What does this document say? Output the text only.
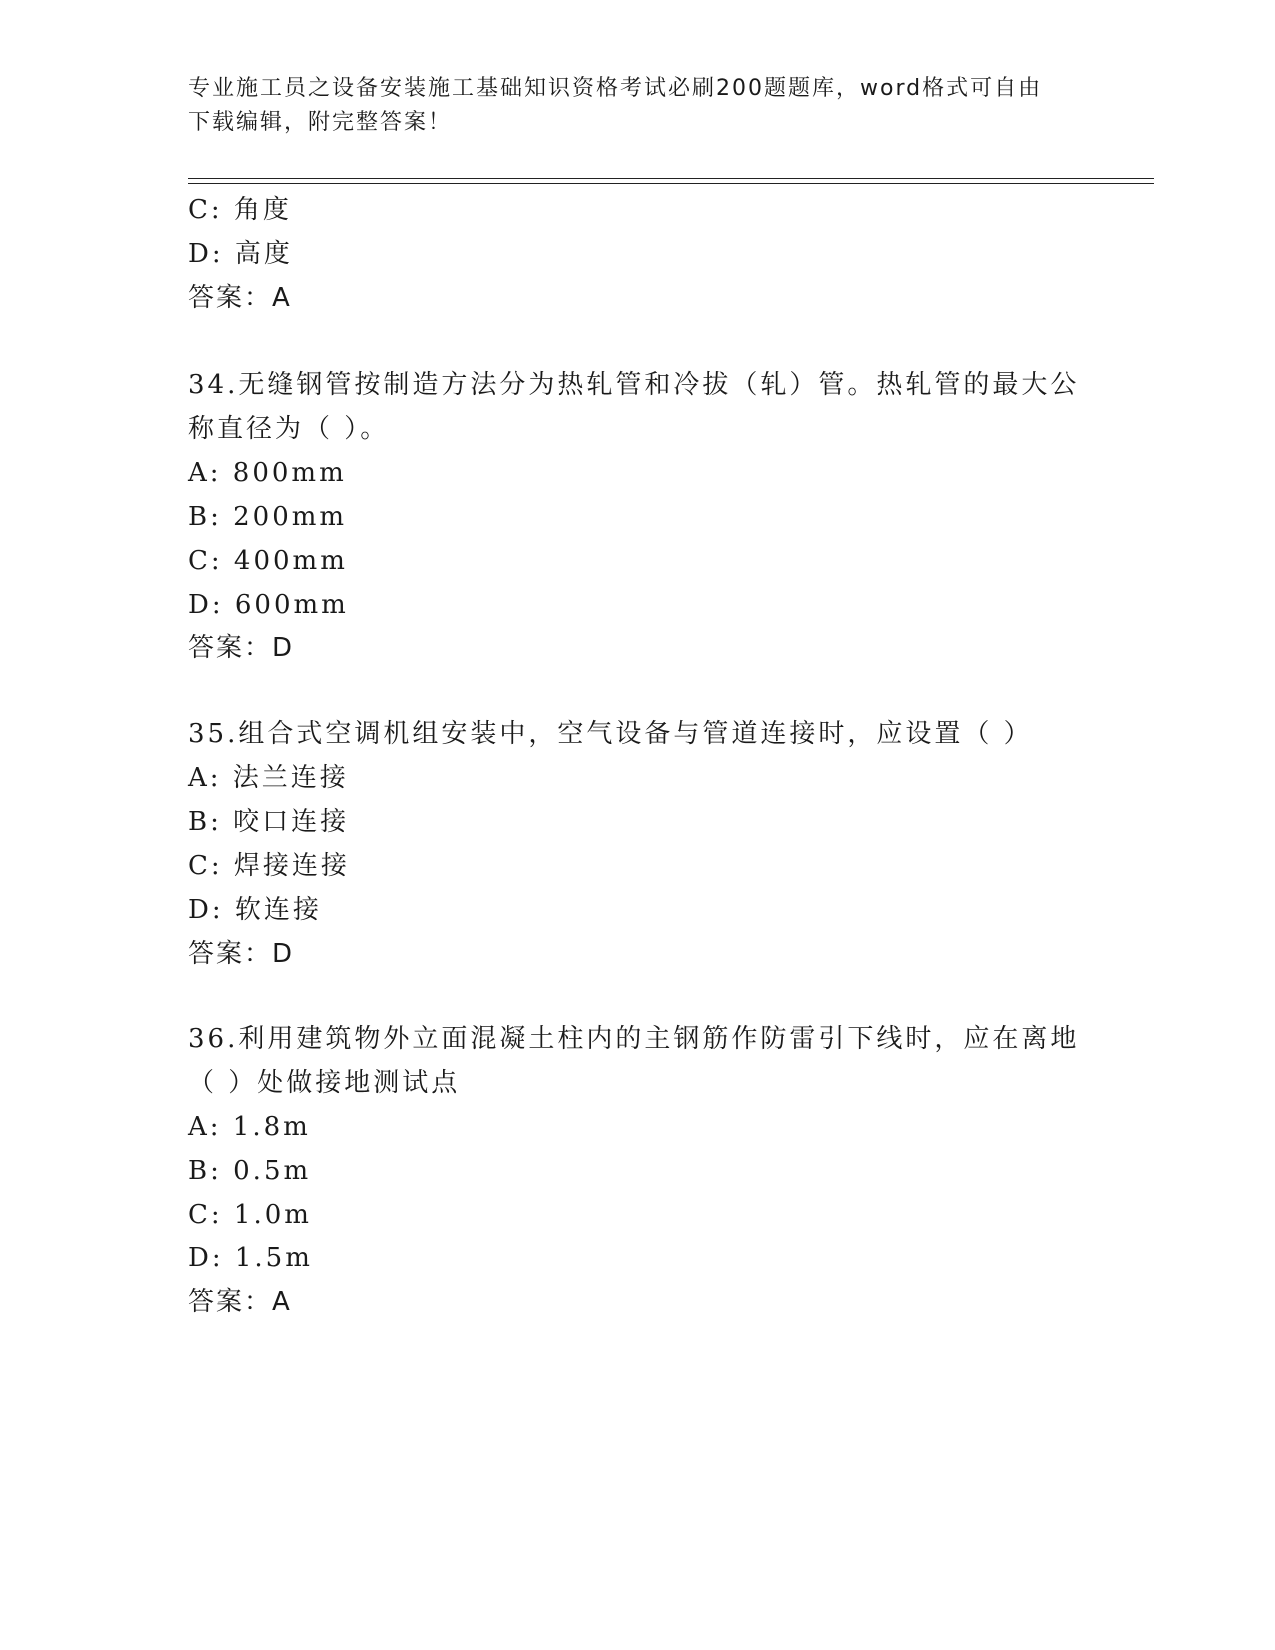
专业施工员之设备安装施工基础知识资格考试必刷200题题库，word格式可自由
下载编辑，附完整答案！
C: 角度
D: 高度
答案：A
34.无缝钢管按制造方法分为热轧管和冷拔（轧）管。热轧管的最大公
称直径为（ ）。
A: 800mm
B: 200mm
C: 400mm
D: 600mm
答案：D
35.组合式空调机组安装中，空气设备与管道连接时，应设置（ ）
A: 法兰连接
B: 咬口连接
C: 焊接连接
D: 软连接
答案：D
36.利用建筑物外立面混凝土柱内的主钢筋作防雷引下线时，应在离地
（ ）处做接地测试点
A: 1.8m
B: 0.5m
C: 1.0m
D: 1.5m
答案：A
